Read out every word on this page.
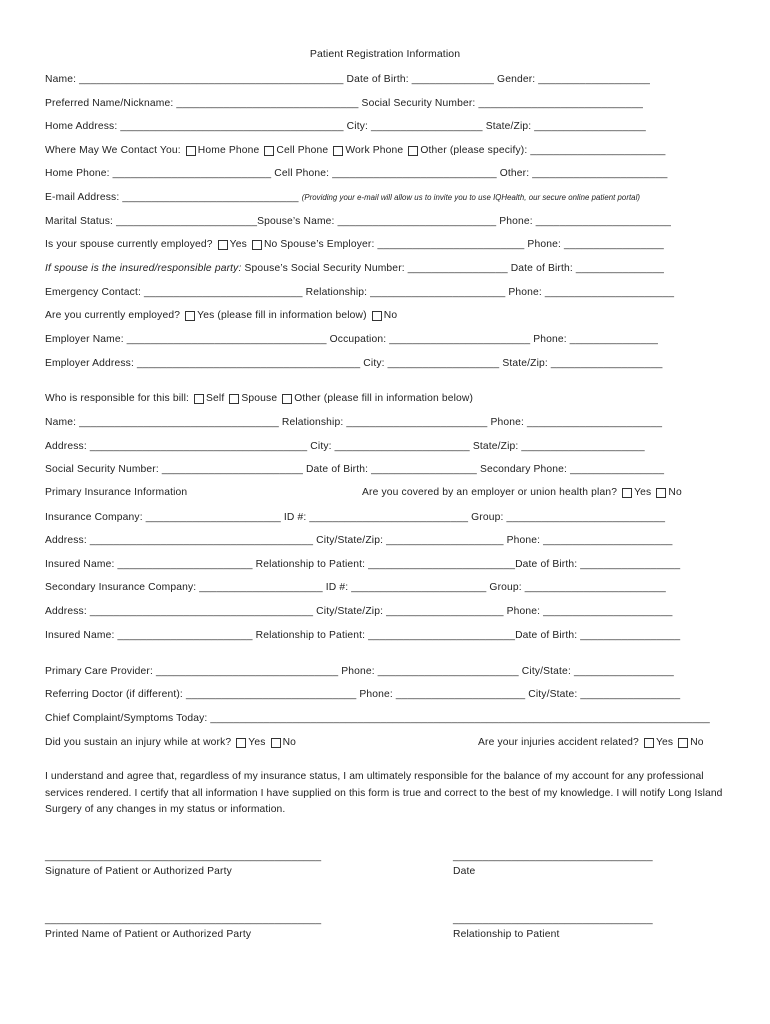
Patient Registration Information
Name: _____________________________________________ Date of Birth: ______________ Gender: ___________________
Preferred Name/Nickname: _______________________________ Social Security Number: ____________________________
Home Address: ______________________________________ City: ___________________ State/Zip: ___________________
Where May We Contact You: Home Phone Cell Phone Work Phone Other (please specify): _______________________
Home Phone: ___________________________ Cell Phone: ____________________________ Other: _______________________
E-mail Address: ______________________________ (Providing your e-mail will allow us to invite you to use IQHealth, our secure online patient portal)
Marital Status: ________________________Spouse’s Name: ___________________________ Phone: _______________________
Is your spouse currently employed? Yes No Spouse’s Employer: _________________________ Phone: _________________
If spouse is the insured/responsible party: Spouse’s Social Security Number: _________________ Date of Birth: _______________
Emergency Contact: ___________________________ Relationship: _______________________ Phone: ______________________
Are you currently employed? Yes (please fill in information below) No
Employer Name: __________________________________ Occupation: ________________________ Phone: _______________
Employer Address: ______________________________________ City: ___________________ State/Zip: ___________________
Who is responsible for this bill: Self Spouse Other (please fill in information below)
Name: __________________________________ Relationship: ________________________ Phone: _______________________
Address: _____________________________________ City: _______________________ State/Zip: _____________________
Social Security Number: ________________________ Date of Birth: __________________ Secondary Phone: ________________
Primary Insurance Information	Are you covered by an employer or union health plan? Yes No
Insurance Company: _______________________ ID #: ___________________________ Group: ___________________________
Address: ______________________________________ City/State/Zip: ____________________ Phone: ______________________
Insured Name: _______________________ Relationship to Patient: _________________________Date of Birth: _________________
Secondary Insurance Company: _____________________ ID #: _______________________ Group: ________________________
Address: ______________________________________ City/State/Zip: ____________________ Phone: ______________________
Insured Name: _______________________ Relationship to Patient: _________________________Date of Birth: _________________
Primary Care Provider: _______________________________ Phone: ________________________ City/State: _________________
Referring Doctor (if different): _____________________________ Phone: ______________________ City/State: _________________
Chief Complaint/Symptoms Today: _____________________________________________________________________________________
Did you sustain an injury while at work? Yes No	Are your injuries accident related? Yes No
I understand and agree that, regardless of my insurance status, I am ultimately responsible for the balance of my account for any professional services rendered. I certify that all information I have supplied on this form is true and correct to the best of my knowledge. I will notify Long Island Surgery of any changes in my status or information.
_______________________________________________
Signature of Patient or Authorized Party
__________________________________
Date
_______________________________________________
Printed Name of Patient or Authorized Party
__________________________________
Relationship to Patient
